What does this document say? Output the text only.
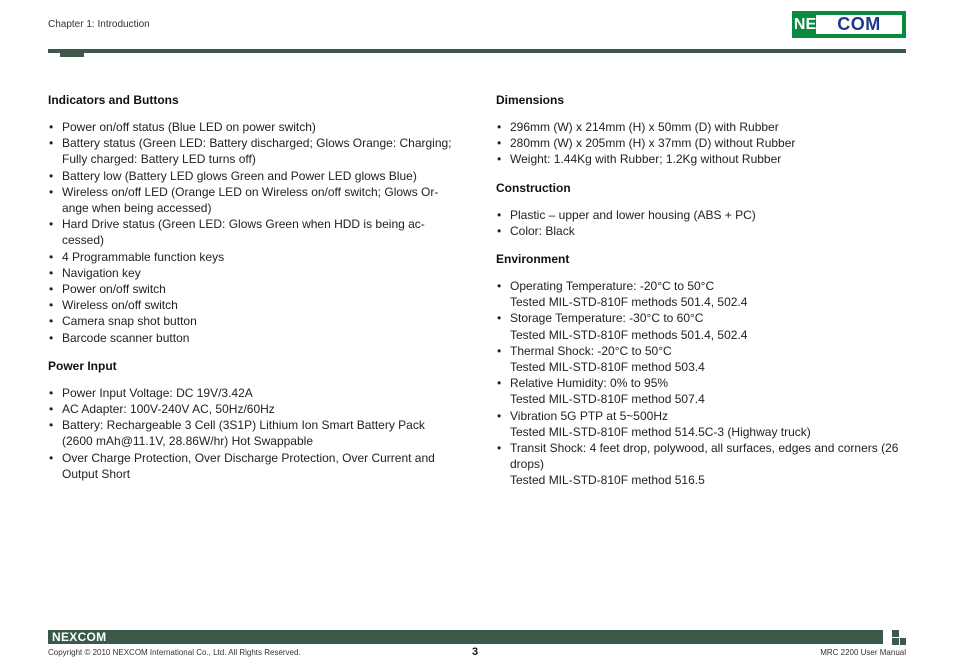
Chapter 1: Introduction	NE COM
Indicators and Buttons
• Power on/off status (Blue LED on power switch)
• Battery status (Green LED: Battery discharged; Glows Orange: Charging; Fully charged: Battery LED turns off)
• Battery low (Battery LED glows Green and Power LED glows Blue)
• Wireless on/off LED (Orange LED on Wireless on/off switch; Glows Or-ange when being accessed)
• Hard Drive status (Green LED: Glows Green when HDD is being ac-cessed)
• 4 Programmable function keys
• Navigation key
• Power on/off switch
• Wireless on/off switch
• Camera snap shot button
• Barcode scanner button
Power Input
• Power Input Voltage: DC 19V/3.42A
• AC Adapter: 100V-240V AC, 50Hz/60Hz
• Battery: Rechargeable 3 Cell (3S1P) Lithium Ion Smart Battery Pack (2600 mAh@11.1V, 28.86W/hr) Hot Swappable
• Over Charge Protection, Over Discharge Protection, Over Current and Output Short
Dimensions
• 296mm (W) x 214mm (H) x 50mm (D) with Rubber
• 280mm (W) x 205mm (H) x 37mm (D) without Rubber
• Weight: 1.44Kg with Rubber; 1.2Kg without Rubber
Construction
• Plastic – upper and lower housing (ABS + PC)
• Color: Black
Environment
• Operating Temperature: -20°C to 50°C
Tested MIL-STD-810F methods 501.4, 502.4
• Storage Temperature: -30°C to 60°C
Tested MIL-STD-810F methods 501.4, 502.4
• Thermal Shock: -20°C to 50°C
Tested MIL-STD-810F method 503.4
• Relative Humidity: 0% to 95%
Tested MIL-STD-810F method 507.4
• Vibration 5G PTP at 5~500Hz
Tested MIL-STD-810F method 514.5C-3 (Highway truck)
• Transit Shock: 4 feet drop, polywood, all surfaces, edges and corners (26 drops)
Tested MIL-STD-810F method 516.5
NEXCOM
Copyright © 2010 NEXCOM International Co., Ltd. All Rights Reserved.	3	MRC 2200 User Manual
